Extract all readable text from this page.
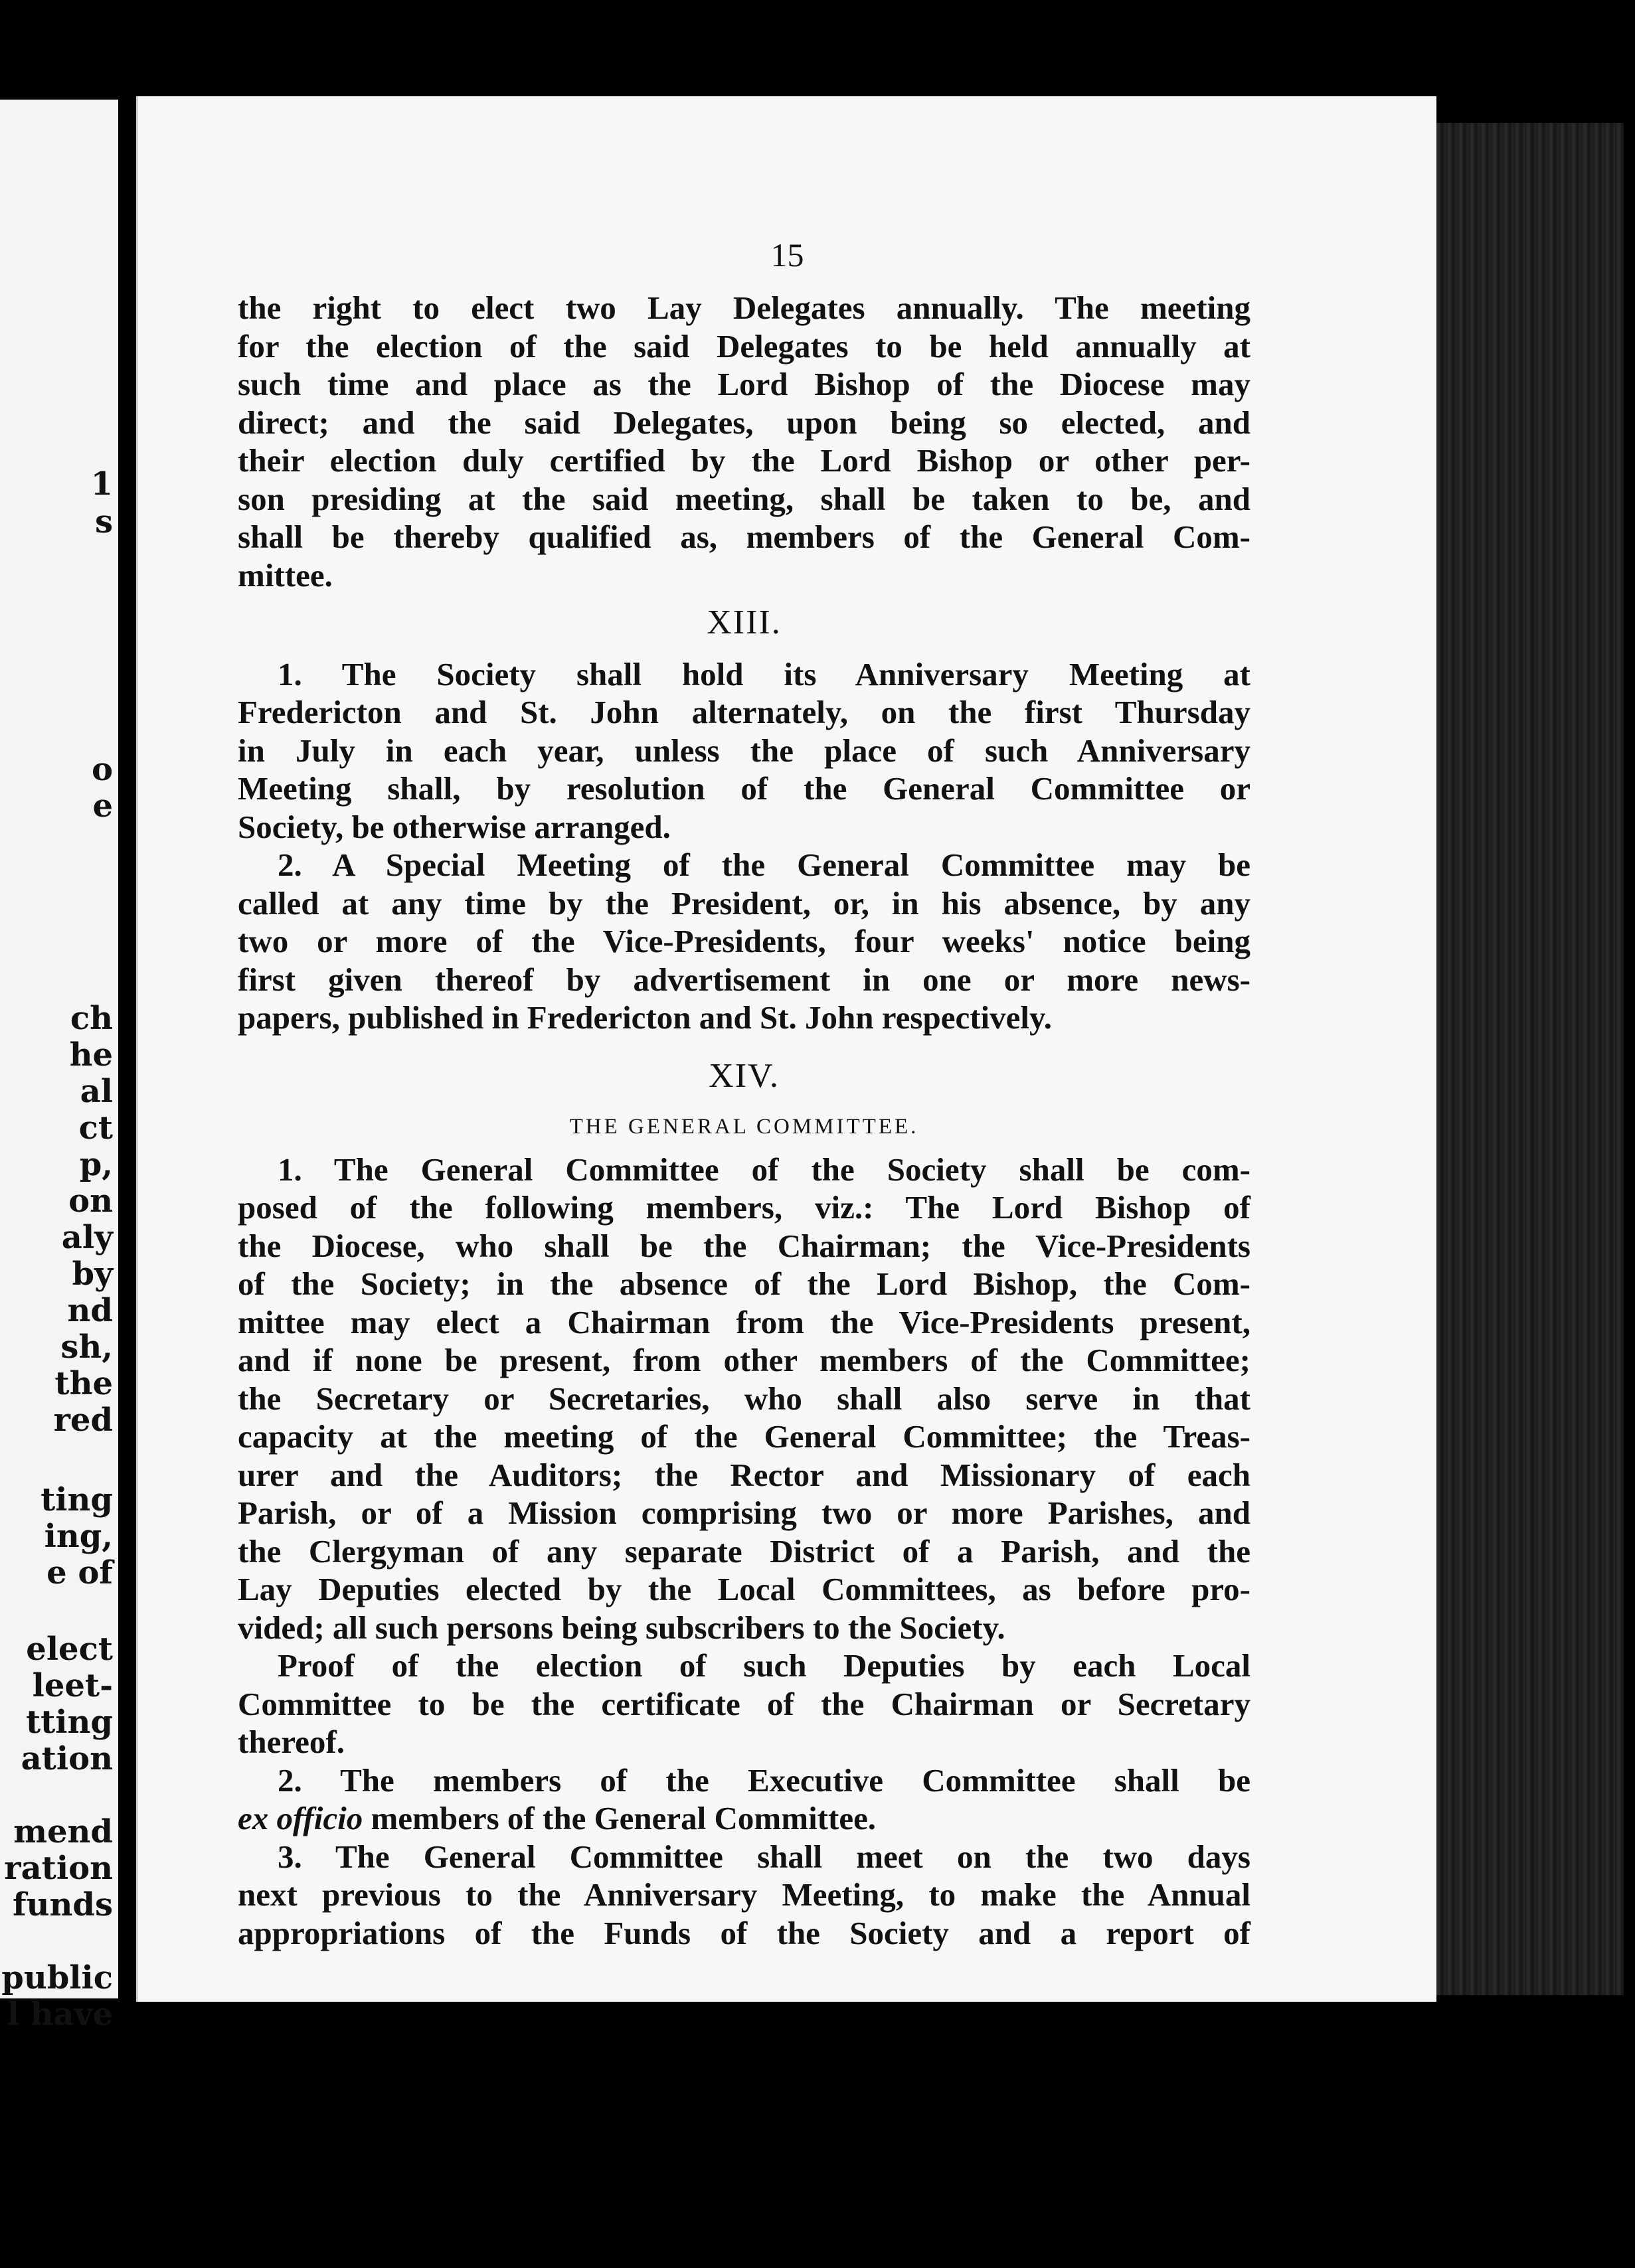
1
s
o
e
ch
he
al
ct
p,
on
aly
by
nd
sh,
the
red
ting
ing,
e of
elect
leet-
tting
ation
mend
ration
funds
public
l have
15
the right to elect two Lay Delegates annually. The meeting
for the election of the said Delegates to be held annually at
such time and place as the Lord Bishop of the Diocese may
direct; and the said Delegates, upon being so elected, and
their election duly certified by the Lord Bishop or other per-
son presiding at the said meeting, shall be taken to be, and
shall be thereby qualified as, members of the General Com-
mittee.
XIII.
1. The Society shall hold its Anniversary Meeting at
Fredericton and St. John alternately, on the first Thursday
in July in each year, unless the place of such Anniversary
Meeting shall, by resolution of the General Committee or
Society, be otherwise arranged.
2. A Special Meeting of the General Committee may be
called at any time by the President, or, in his absence, by any
two or more of the Vice-Presidents, four weeks' notice being
first given thereof by advertisement in one or more news-
papers, published in Fredericton and St. John respectively.
XIV.
THE GENERAL COMMITTEE.
1. The General Committee of the Society shall be com-
posed of the following members, viz.: The Lord Bishop of
the Diocese, who shall be the Chairman; the Vice-Presidents
of the Society; in the absence of the Lord Bishop, the Com-
mittee may elect a Chairman from the Vice-Presidents present,
and if none be present, from other members of the Committee;
the Secretary or Secretaries, who shall also serve in that
capacity at the meeting of the General Committee; the Treas-
urer and the Auditors; the Rector and Missionary of each
Parish, or of a Mission comprising two or more Parishes, and
the Clergyman of any separate District of a Parish, and the
Lay Deputies elected by the Local Committees, as before pro-
vided; all such persons being subscribers to the Society.
Proof of the election of such Deputies by each Local
Committee to be the certificate of the Chairman or Secretary
thereof.
2. The members of the Executive Committee shall be
ex officio members of the General Committee.
3. The General Committee shall meet on the two days
next previous to the Anniversary Meeting, to make the Annual
appropriations of the Funds of the Society and a report of
